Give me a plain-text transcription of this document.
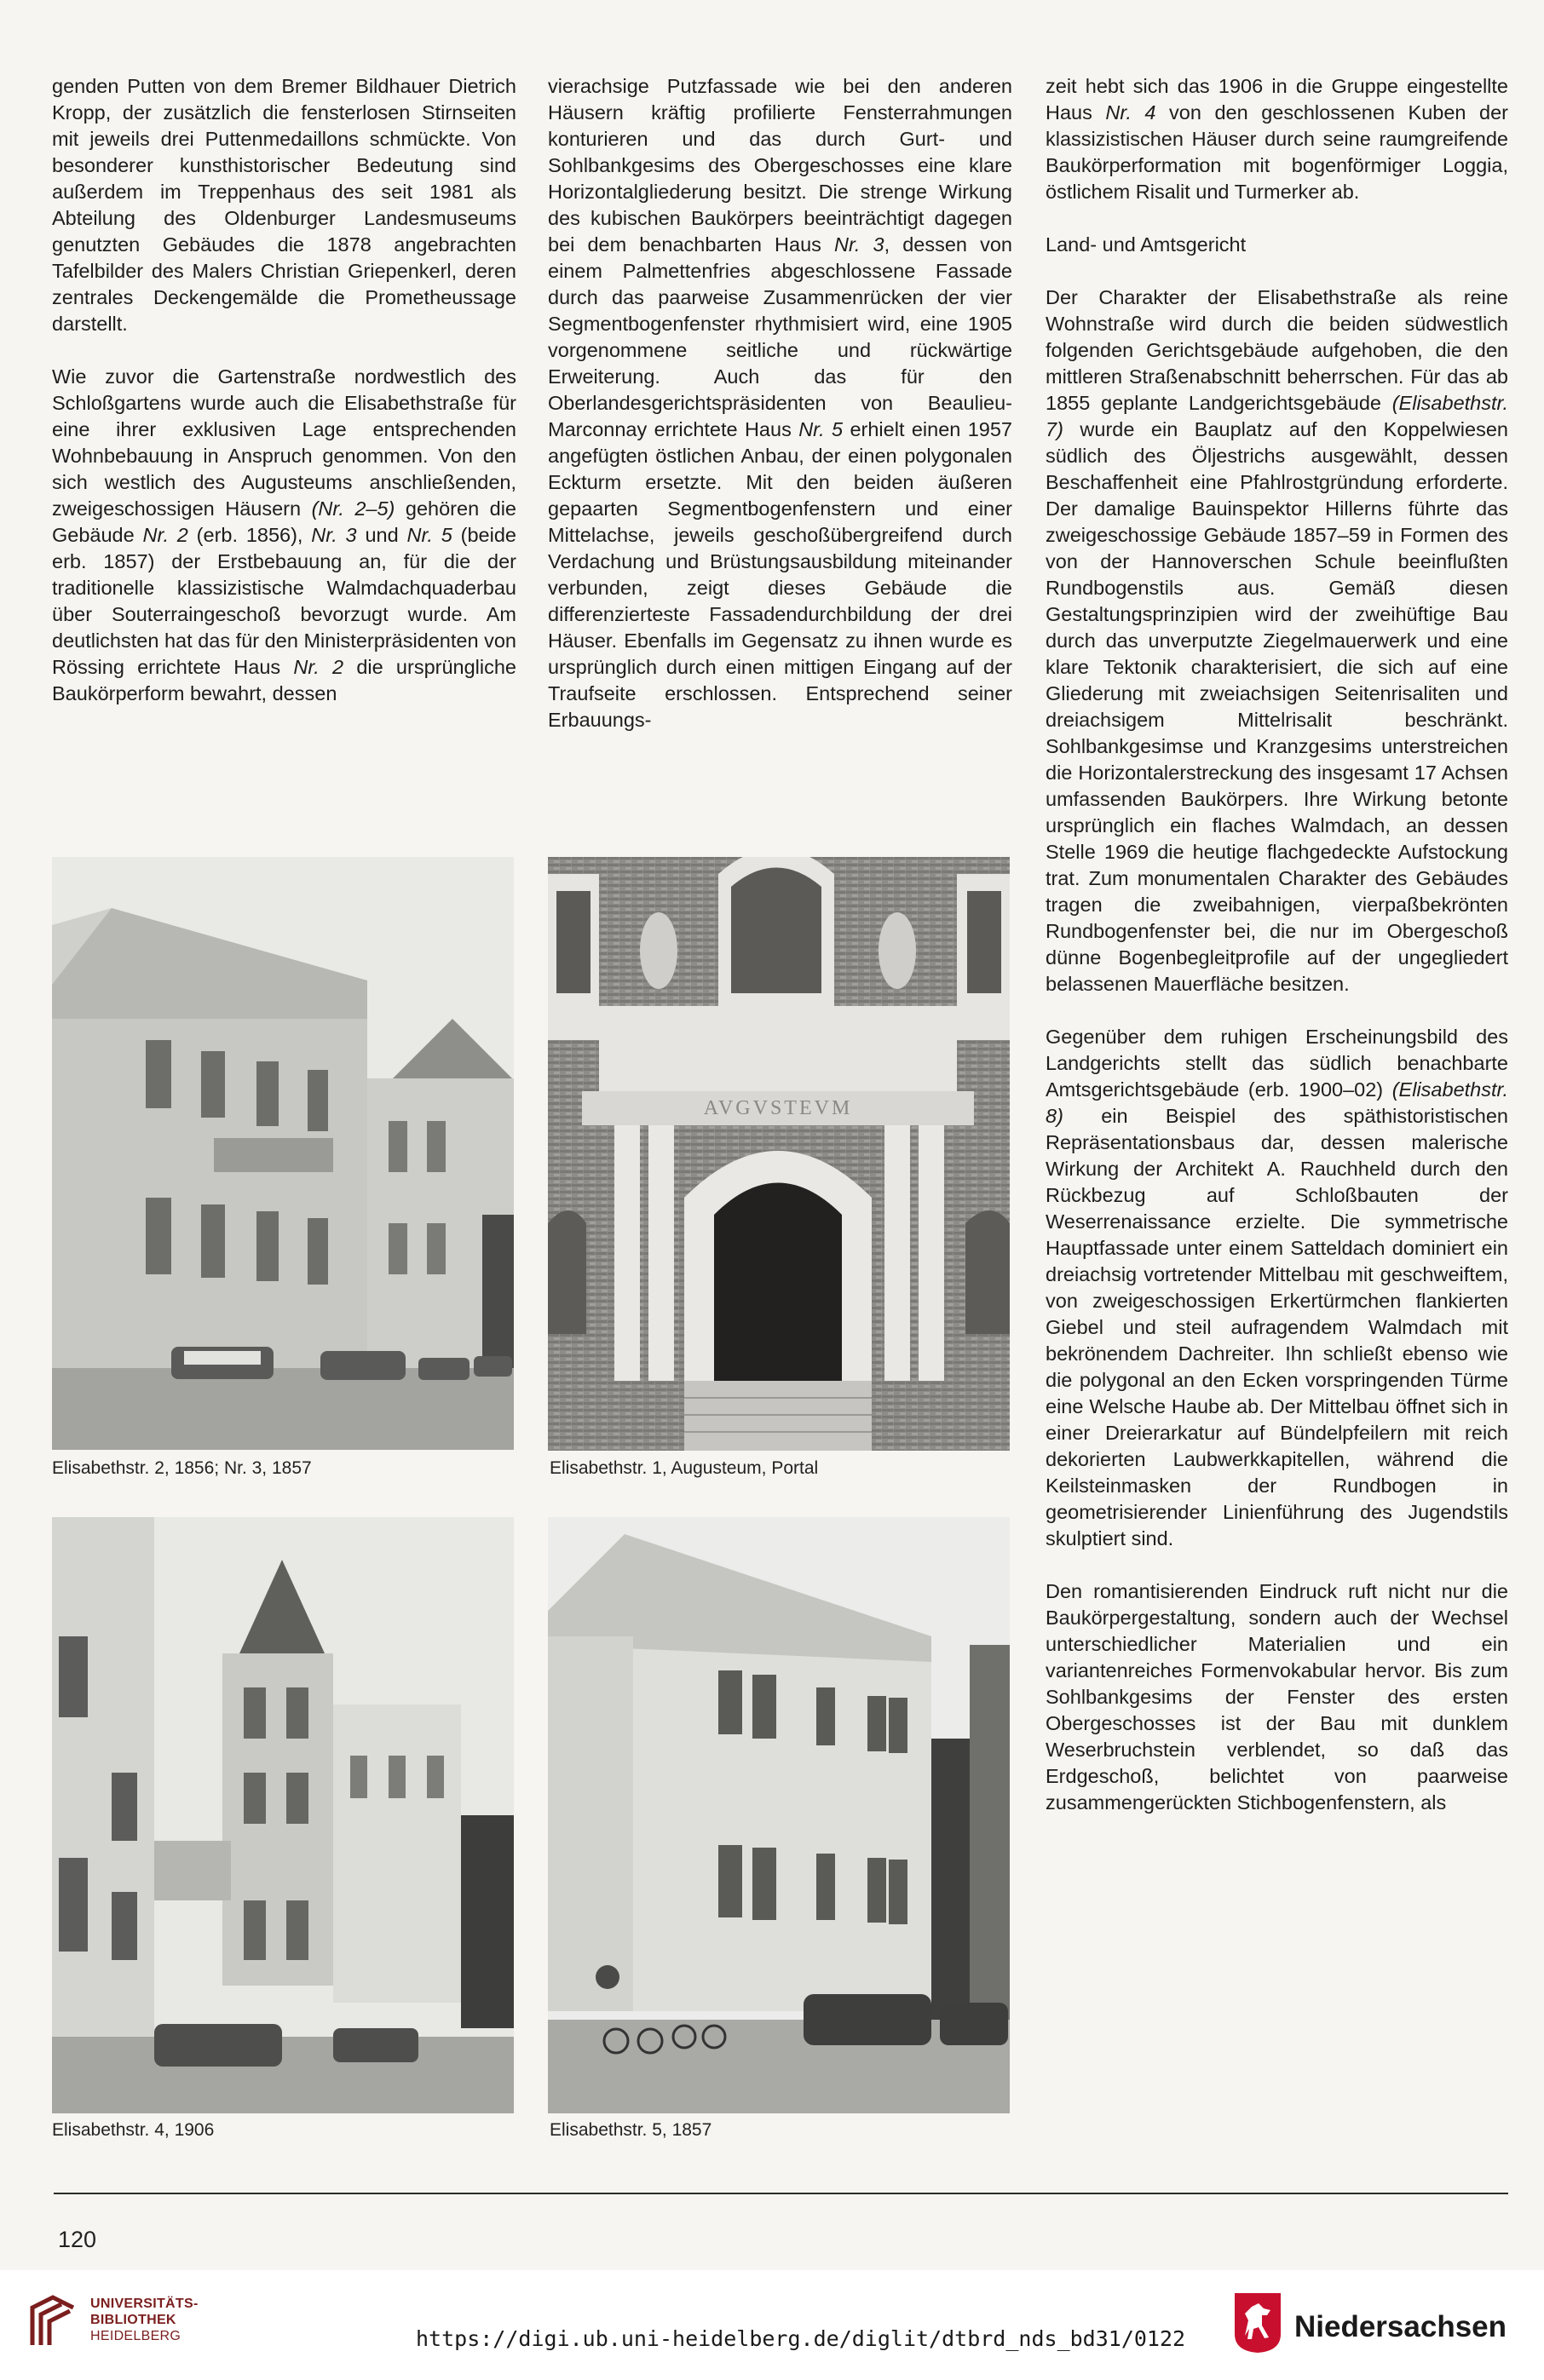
genden Putten von dem Bremer Bildhauer Dietrich Kropp, der zusätzlich die fensterlosen Stirnseiten mit jeweils drei Puttenmedaillons schmückte. Von besonderer kunsthistorischer Bedeutung sind außerdem im Treppenhaus des seit 1981 als Abteilung des Oldenburger Landesmuseums genutzten Gebäudes die 1878 angebrachten Tafelbilder des Malers Christian Griepenkerl, deren zentrales Deckengemälde die Prometheussage darstellt.

Wie zuvor die Gartenstraße nordwestlich des Schloßgartens wurde auch die Elisabethstraße für eine ihrer exklusiven Lage entsprechenden Wohnbebauung in Anspruch genommen. Von den sich westlich des Augusteums anschließenden, zweigeschossigen Häusern (Nr. 2–5) gehören die Gebäude Nr. 2 (erb. 1856), Nr. 3 und Nr. 5 (beide erb. 1857) der Erstbebauung an, für die der traditionelle klassizistische Walmdachquaderbau über Souterraingeschoß bevorzugt wurde. Am deutlichsten hat das für den Ministerpräsidenten von Rössing errichtete Haus Nr. 2 die ursprüngliche Baukörperform bewahrt, dessen

vierachsige Putzfassade wie bei den anderen Häusern kräftig profilierte Fensterrahmungen konturieren und das durch Gurt- und Sohlbankgesims des Obergeschosses eine klare Horizontalgliederung besitzt. Die strenge Wirkung des kubischen Baukörpers beeinträchtigt dagegen bei dem benachbarten Haus Nr. 3, dessen von einem Palmettenfries abgeschlossene Fassade durch das paarweise Zusammenrücken der vier Segmentbogenfenster rhythmisiert wird, eine 1905 vorgenommene seitliche und rückwärtige Erweiterung. Auch das für den Oberlandesgerichtspräsidenten von Beaulieu-Marconnay errichtete Haus Nr. 5 erhielt einen 1957 angefügten östlichen Anbau, der einen polygonalen Eckturm ersetzte. Mit den beiden äußeren gepaarten Segmentbogenfenstern und einer Mittelachse, jeweils geschoßübergreifend durch Verdachung und Brüstungsausbildung miteinander verbunden, zeigt dieses Gebäude die differenzierteste Fassadendurchbildung der drei Häuser. Ebenfalls im Gegensatz zu ihnen wurde es ursprünglich durch einen mittigen Eingang auf der Traufseite erschlossen. Entsprechend seiner Erbauungs-

zeit hebt sich das 1906 in die Gruppe eingestellte Haus Nr. 4 von den geschlossenen Kuben der klassizistischen Häuser durch seine raumgreifende Baukörperformation mit bogenförmiger Loggia, östlichem Risalit und Turmerker ab.

Land- und Amtsgericht

Der Charakter der Elisabethstraße als reine Wohnstraße wird durch die beiden südwestlich folgenden Gerichtsgebäude aufgehoben, die den mittleren Straßenabschnitt beherrschen. Für das ab 1855 geplante Landgerichtsgebäude (Elisabethstr. 7) wurde ein Bauplatz auf den Koppelwiesen südlich des Öljestrichs ausgewählt, dessen Beschaffenheit eine Pfahlrostgründung erforderte. Der damalige Bauinspektor Hillerns führte das zweigeschossige Gebäude 1857–59 in Formen des von der Hannoverschen Schule beeinflußten Rundbogenstils aus. Gemäß diesen Gestaltungsprinzipien wird der zweihüftige Bau durch das unverputzte Ziegelmauerwerk und eine klare Tektonik charakterisiert, die sich auf eine Gliederung mit zweiachsigen Seitenrisaliten und dreiachsigem Mittelrisalit beschränkt. Sohlbankgesimse und Kranzgesims unterstreichen die Horizontalerstreckung des insgesamt 17 Achsen umfassenden Baukörpers. Ihre Wirkung betonte ursprünglich ein flaches Walmdach, an dessen Stelle 1969 die heutige flachgedeckte Aufstockung trat. Zum monumentalen Charakter des Gebäudes tragen die zweibahnigen, vierpaßbekrönten Rundbogenfenster bei, die nur im Obergeschoß dünne Bogenbegleitprofile auf der ungegliedert belassenen Mauerfläche besitzen.

Gegenüber dem ruhigen Erscheinungsbild des Landgerichts stellt das südlich benachbarte Amtsgerichtsgebäude (erb. 1900–02) (Elisabethstr. 8) ein Beispiel des späthistoristischen Repräsentationsbaus dar, dessen malerische Wirkung der Architekt A. Rauchheld durch den Rückbezug auf Schloßbauten der Weserrenaissance erzielte. Die symmetrische Hauptfassade unter einem Satteldach dominiert ein dreiachsig vortretender Mittelbau mit geschweiftem, von zweigeschossigen Erkertürmchen flankierten Giebel und steil aufragendem Walmdach mit bekrönendem Dachreiter. Ihn schließt ebenso wie die polygonal an den Ecken vorspringenden Türme eine Welsche Haube ab. Der Mittelbau öffnet sich in einer Dreierarkatur auf Bündelpfeilern mit reich dekorierten Laubwerkkapitellen, während die Keilsteinmasken der Rundbogen in geometrisierender Linienführung des Jugendstils skulptiert sind.

Den romantisierenden Eindruck ruft nicht nur die Baukörpergestaltung, sondern auch der Wechsel unterschiedlicher Materialien und ein variantenreiches Formenvokabular hervor. Bis zum Sohlbankgesims der Fenster des ersten Obergeschosses ist der Bau mit dunklem Weserbruchstein verblendet, so daß das Erdgeschoß, belichtet von paarweise zusammengerückten Stichbogenfenstern, als

Elisabethstr. 2, 1856; Nr. 3, 1857
AVGVSTEVM
Elisabethstr. 1, Augusteum, Portal
Elisabethstr. 4, 1906	Elisabethstr. 5, 1857
120
UNIVERSITÄTS-
BIBLIOTHEK
HEIDELBERG	https://digi.ub.uni-heidelberg.de/diglit/dtbrd_nds_bd31/0122	Niedersachsen
